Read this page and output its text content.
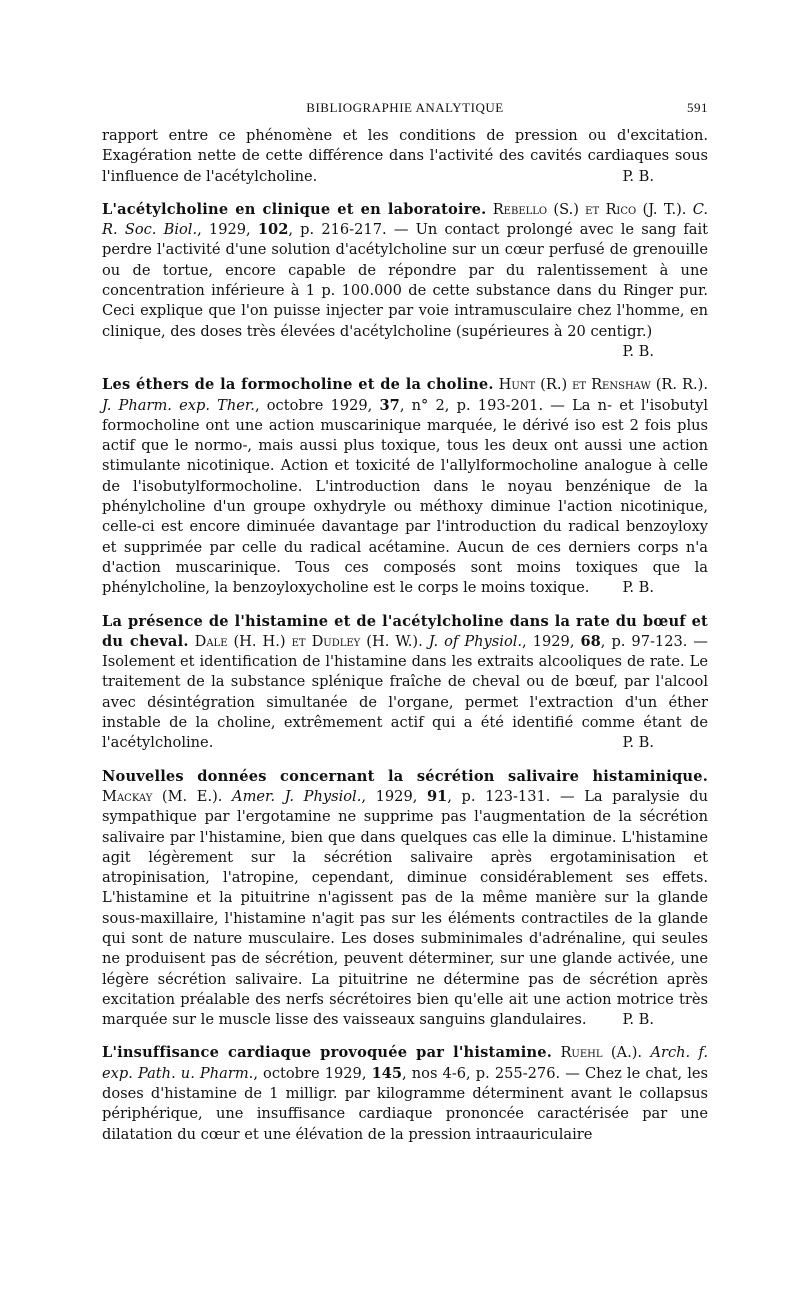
BIBLIOGRAPHIE ANALYTIQUE	591

rapport entre ce phénomène et les conditions de pression ou d'excitation. Exagération nette de cette différence dans l'activité des cavités cardiaques sous l'influence de l'acétylcholine.	P. B.

L'acétylcholine en clinique et en laboratoire. Rebello (S.) et Rico (J. T.). C. R. Soc. Biol., 1929, 102, p. 216-217. — Un contact prolongé avec le sang fait perdre l'activité d'une solution d'acétylcholine sur un cœur perfusé de grenouille ou de tortue, encore capable de répondre par du ralentissement à une concentration inférieure à 1 p. 100.000 de cette substance dans du Ringer pur. Ceci explique que l'on puisse injecter par voie intramusculaire chez l'homme, en clinique, des doses très élevées d'acétylcholine (supérieures à 20 centigr.)
P. B.

Les éthers de la formocholine et de la choline. Hunt (R.) et Renshaw (R. R.). J. Pharm. exp. Ther., octobre 1929, 37, n° 2, p. 193-201. — La n- et l'isobutyl formocholine ont une action muscarinique marquée, le dérivé iso est 2 fois plus actif que le normo-, mais aussi plus toxique, tous les deux ont aussi une action stimulante nicotinique. Action et toxicité de l'allylformocholine analogue à celle de l'isobutylformocholine. L'introduction dans le noyau benzénique de la phénylcholine d'un groupe oxhydryle ou méthoxy diminue l'action nicotinique, celle-ci est encore diminuée davantage par l'introduction du radical benzoyloxy et supprimée par celle du radical acétamine. Aucun de ces derniers corps n'a d'action muscarinique. Tous ces composés sont moins toxiques que la phénylcholine, la benzoyloxycholine est le corps le moins toxique.	P. B.

La présence de l'histamine et de l'acétylcholine dans la rate du bœuf et du cheval. Dale (H. H.) et Dudley (H. W.). J. of Physiol., 1929, 68, p. 97-123. — Isolement et identification de l'histamine dans les extraits alcooliques de rate. Le traitement de la substance splénique fraîche de cheval ou de bœuf, par l'alcool avec désintégration simultanée de l'organe, permet l'extraction d'un éther instable de la choline, extrêmement actif qui a été identifié comme étant de l'acétylcholine.	P. B.

Nouvelles données concernant la sécrétion salivaire histaminique. Mackay (M. E.). Amer. J. Physiol., 1929, 91, p. 123-131. — La paralysie du sympathique par l'ergotamine ne supprime pas l'augmentation de la sécrétion salivaire par l'histamine, bien que dans quelques cas elle la diminue. L'histamine agit légèrement sur la sécrétion salivaire après ergotaminisation et atropinisation, l'atropine, cependant, diminue considérablement ses effets. L'histamine et la pituitrine n'agissent pas de la même manière sur la glande sous-maxillaire, l'histamine n'agit pas sur les éléments contractiles de la glande qui sont de nature musculaire. Les doses subminimales d'adrénaline, qui seules ne produisent pas de sécrétion, peuvent déterminer, sur une glande activée, une légère sécrétion salivaire. La pituitrine ne détermine pas de sécrétion après excitation préalable des nerfs sécrétoires bien qu'elle ait une action motrice très marquée sur le muscle lisse des vaisseaux sanguins glandulaires.	P. B.

L'insuffisance cardiaque provoquée par l'histamine. Ruehl (A.). Arch. f. exp. Path. u. Pharm., octobre 1929, 145, nos 4-6, p. 255-276. — Chez le chat, les doses d'histamine de 1 milligr. par kilogramme déterminent avant le collapsus périphérique, une insuffisance cardiaque prononcée caractérisée par une dilatation du cœur et une élévation de la pression intraauriculaire
